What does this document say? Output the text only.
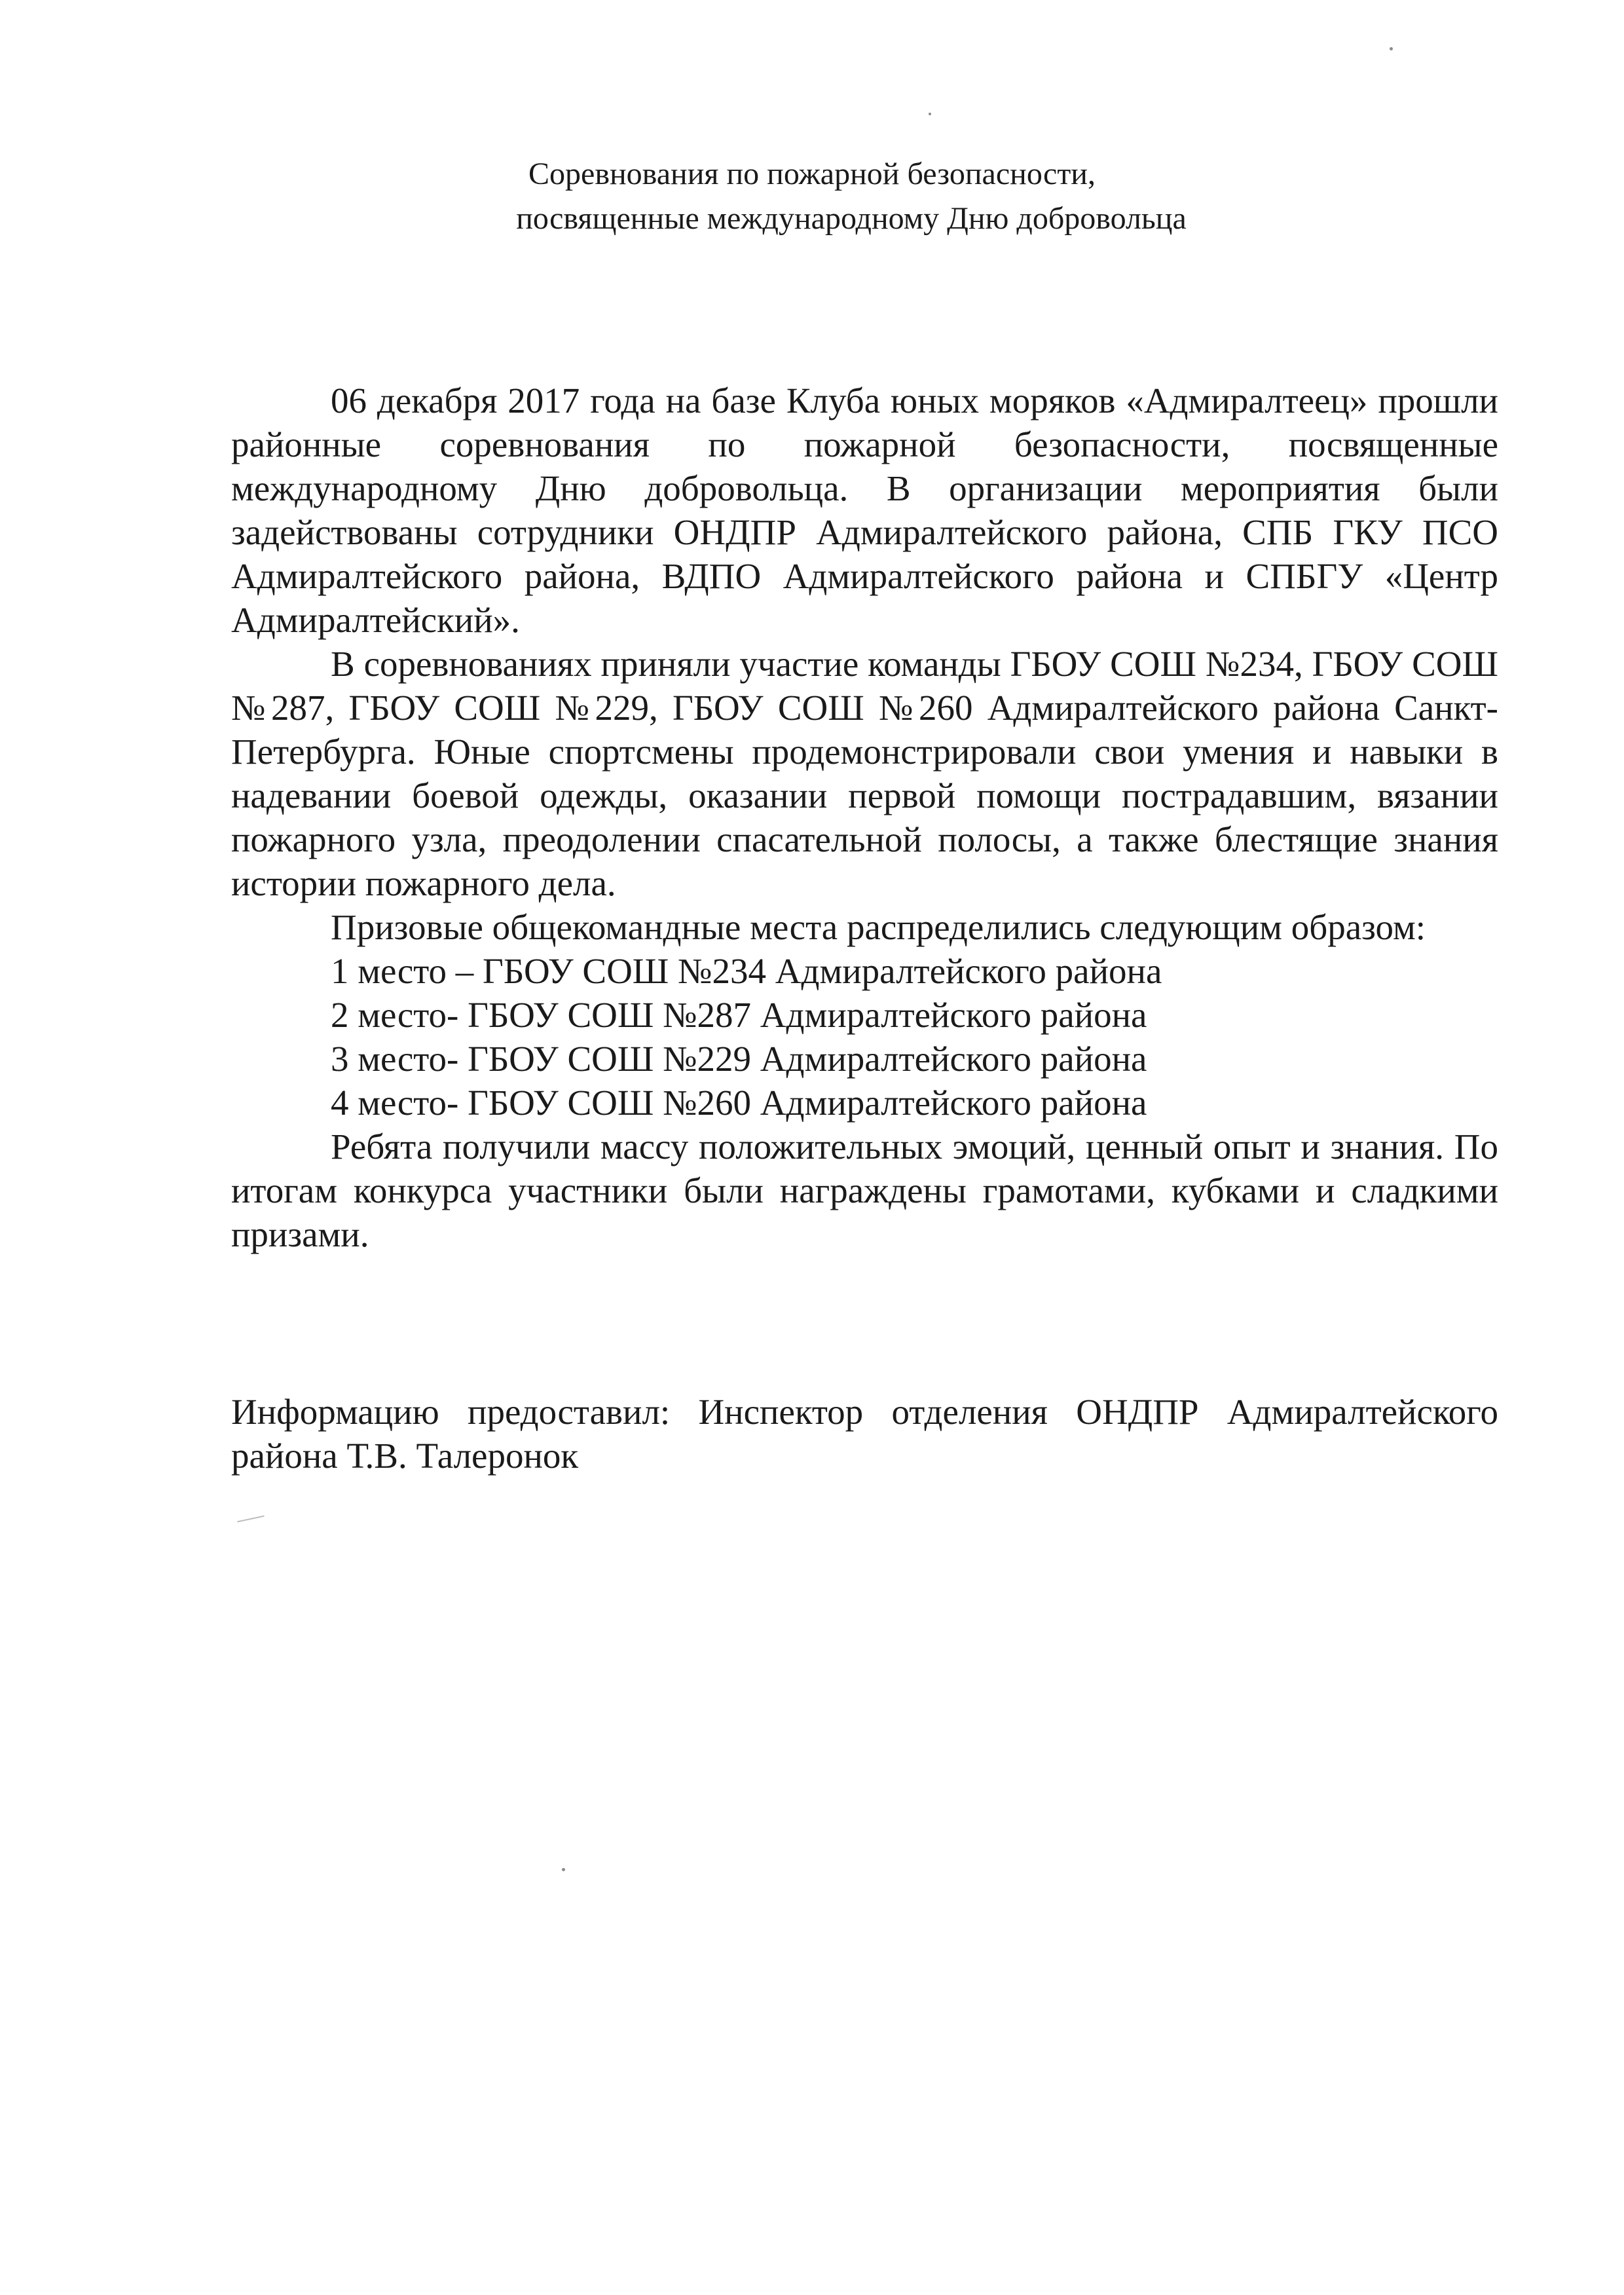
Соревнования по пожарной безопасности,
посвященные международному Дню добровольца

06 декабря 2017 года на базе Клуба юных моряков «Адмиралтеец» прошли районные соревнования по пожарной безопасности, посвященные международному Дню добровольца. В организации мероприятия были задействованы сотрудники ОНДПР Адмиралтейского района, СПБ ГКУ ПСО Адмиралтейского района, ВДПО Адмиралтейского района и СПБГУ «Центр Адмиралтейский».

В соревнованиях приняли участие команды ГБОУ СОШ №234, ГБОУ СОШ №287, ГБОУ СОШ №229, ГБОУ СОШ №260 Адмиралтейского района Санкт-Петербурга. Юные спортсмены продемонстрировали свои умения и навыки в надевании боевой одежды, оказании первой помощи пострадавшим, вязании пожарного узла, преодолении спасательной полосы, а также блестящие знания истории пожарного дела.

Призовые общекомандные места распределились следующим образом:

1 место – ГБОУ СОШ №234 Адмиралтейского района

2 место- ГБОУ СОШ №287 Адмиралтейского района

3 место- ГБОУ СОШ №229 Адмиралтейского района

4 место- ГБОУ СОШ №260 Адмиралтейского района

Ребята получили массу положительных эмоций, ценный опыт и знания. По итогам конкурса участники были награждены грамотами, кубками и сладкими призами.

Информацию предоставил: Инспектор отделения ОНДПР Адмиралтейского района Т.В. Талеронок
